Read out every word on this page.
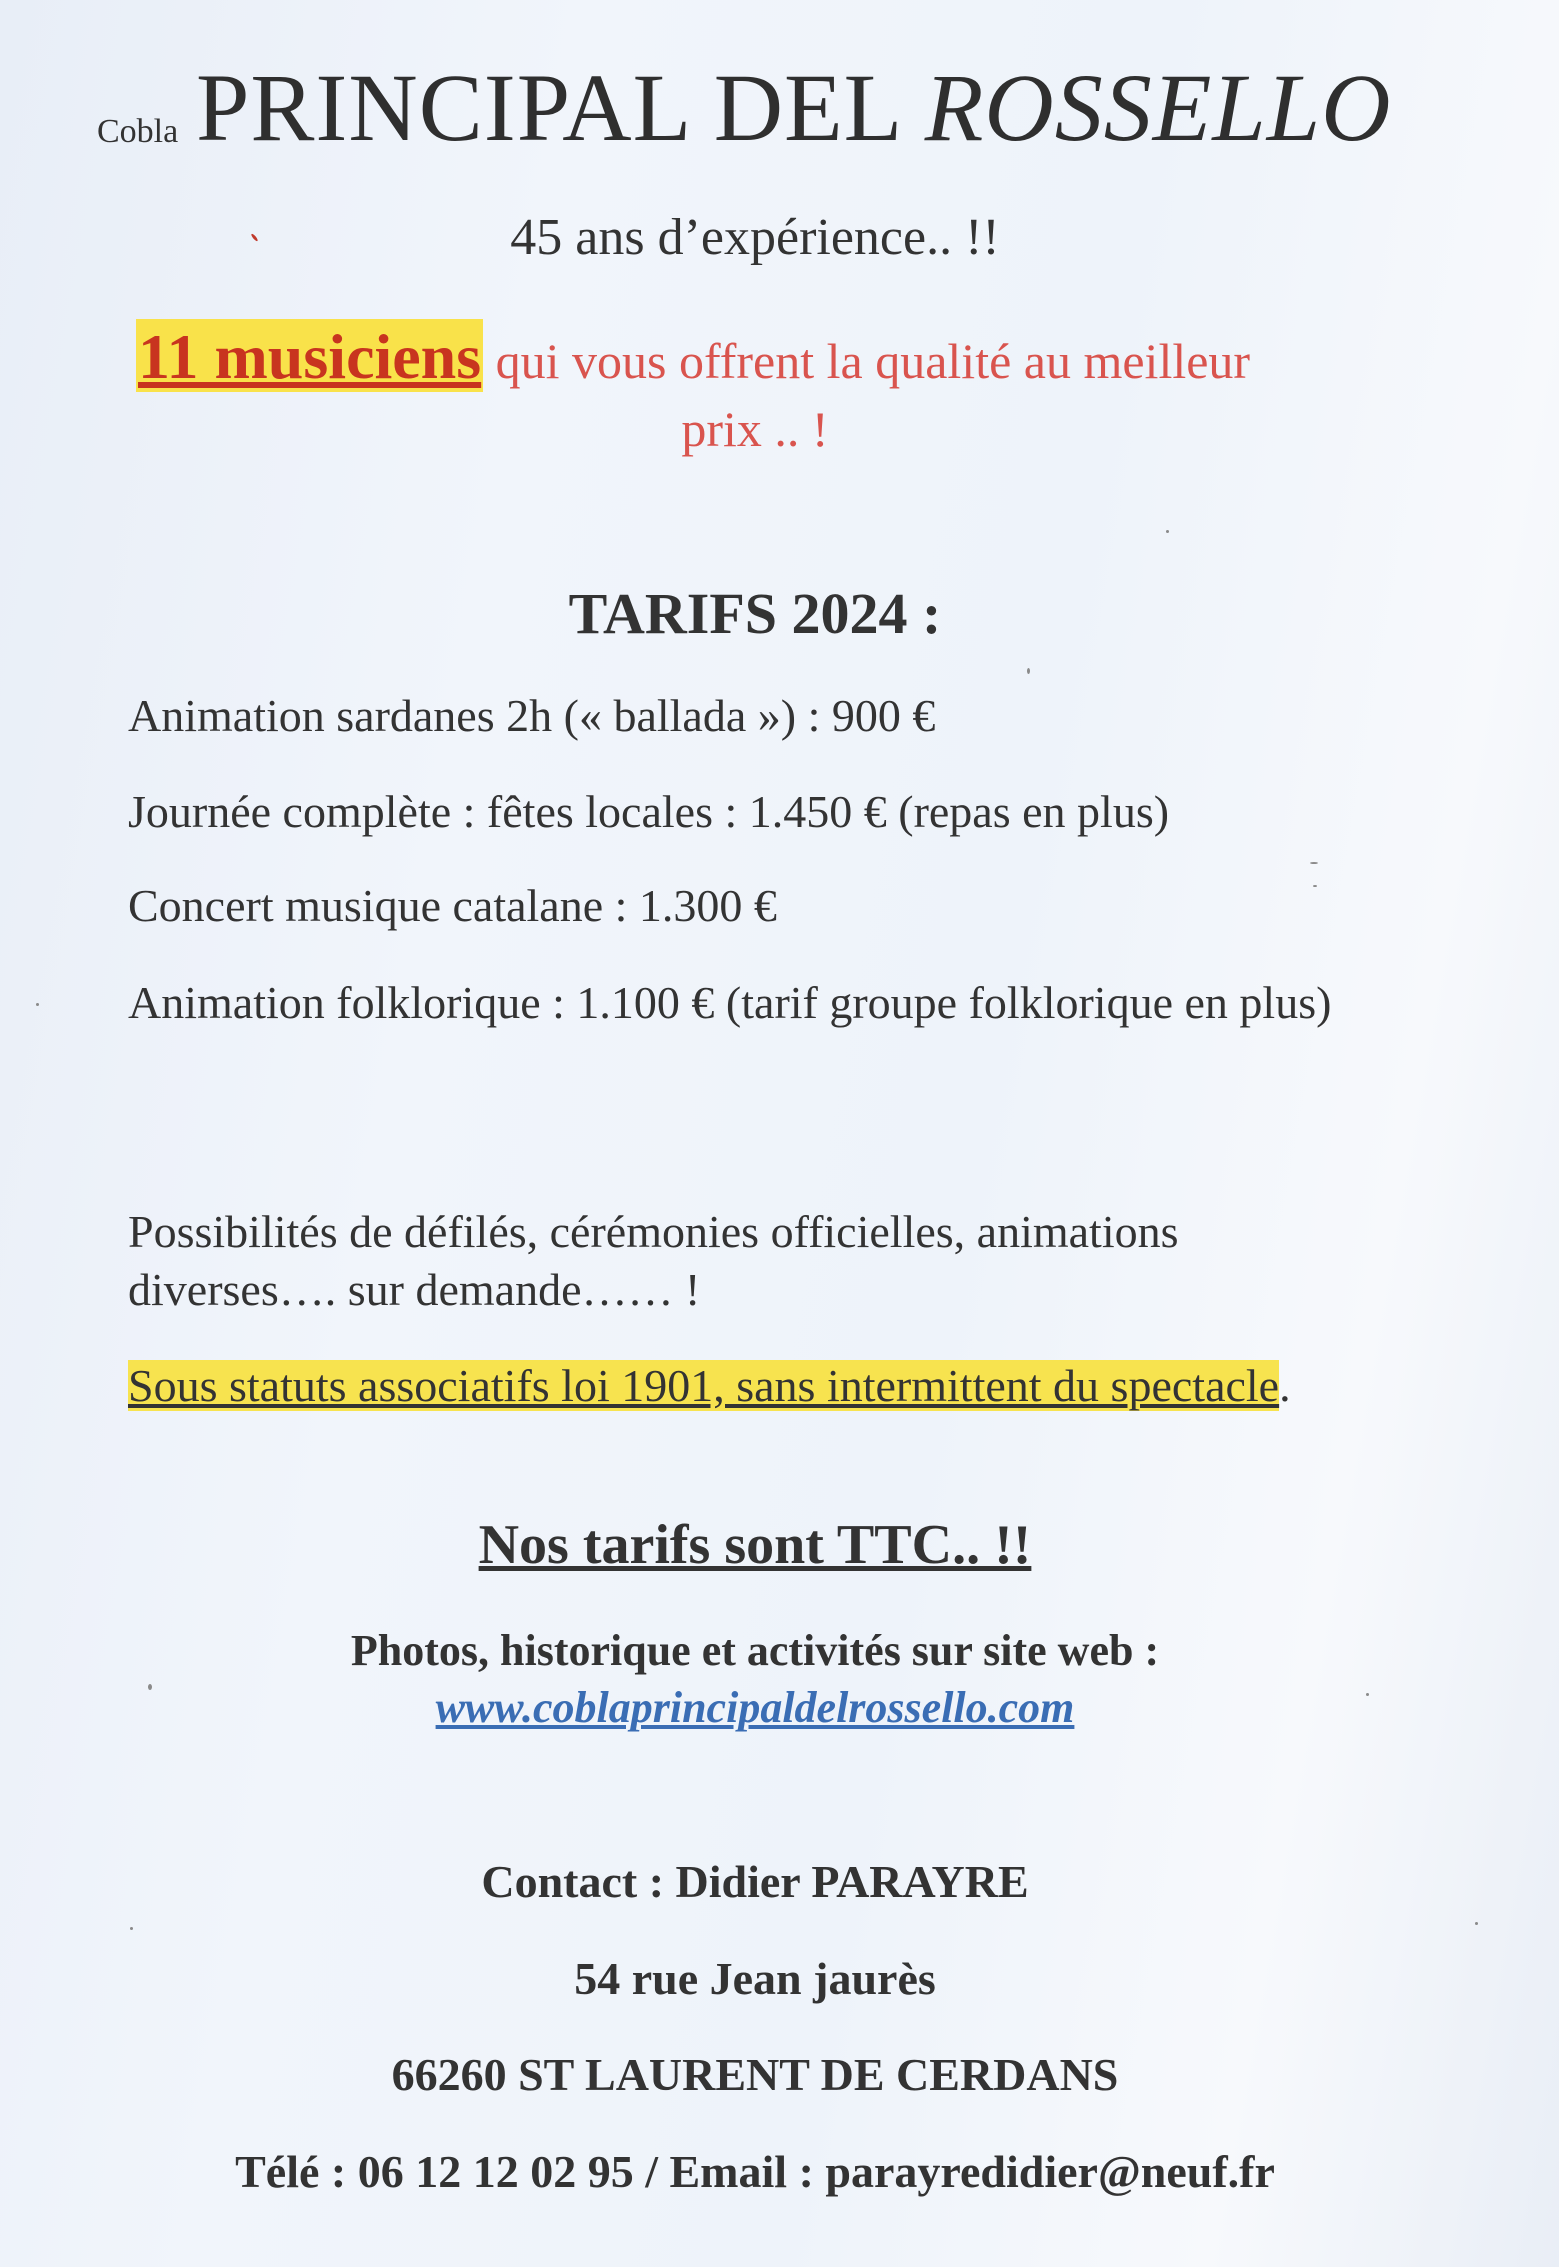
Cobla PRINCIPAL DEL ROSSELLO
45 ans d’expérience.. !!
11 musiciens qui vous offrent la qualité au meilleur
prix .. !
TARIFS 2024 :
Animation sardanes 2h (« ballada ») : 900 €
Journée complète : fêtes locales : 1.450 € (repas en plus)
Concert musique catalane : 1.300 €
Animation folklorique : 1.100 € (tarif groupe folklorique en plus)
Possibilités de défilés, cérémonies officielles, animations diverses…. sur demande…… !
Sous statuts associatifs loi 1901, sans intermittent du spectacle.
Nos tarifs sont TTC.. !!
Photos, historique et activités sur site web :
www.coblaprincipaldelrossello.com
Contact : Didier PARAYRE
54 rue Jean jaurès
66260 ST LAURENT DE CERDANS
Télé : 06 12 12 02 95 / Email : parayredidier@neuf.fr
